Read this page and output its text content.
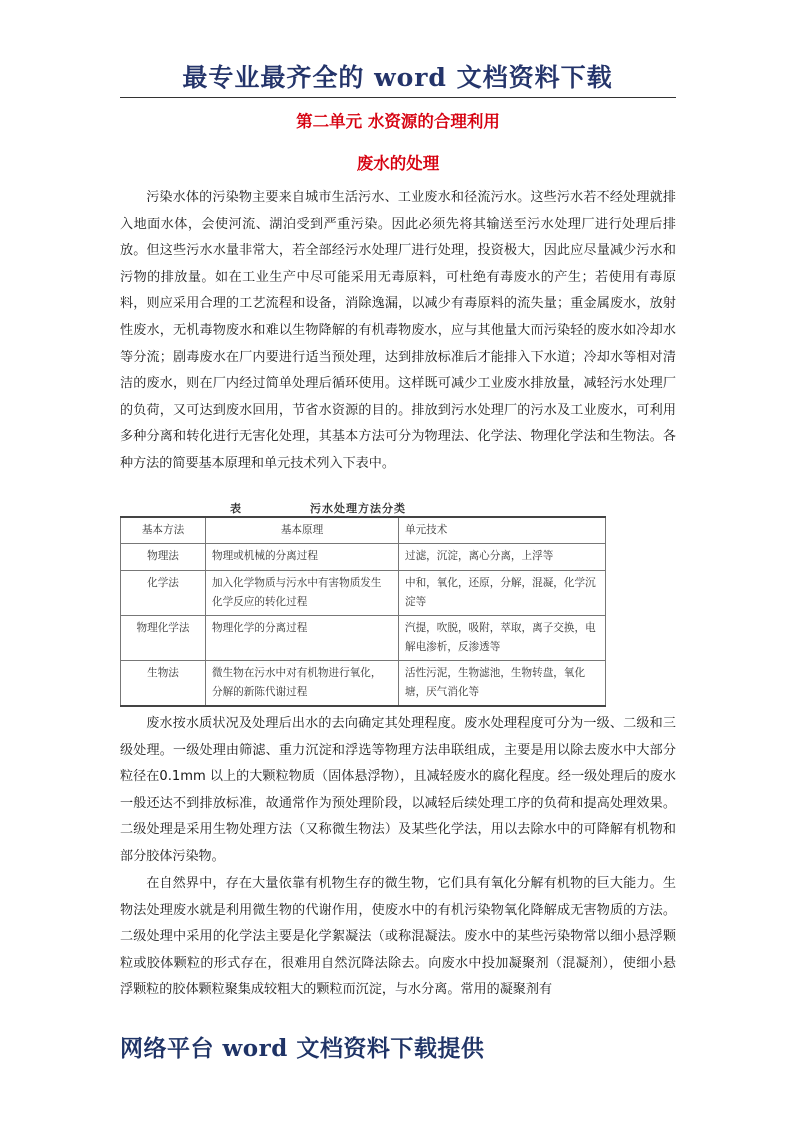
最专业最齐全的 word 文档资料下载
第二单元 水资源的合理利用
废水的处理

污染水体的污染物主要来自城市生活污水、工业废水和径流污水。这些污水若不经处理就排入地面水体，会使河流、湖泊受到严重污染。因此必须先将其输送至污水处理厂进行处理后排放。但这些污水水量非常大，若全部经污水处理厂进行处理，投资极大，因此应尽量减少污水和污物的排放量。如在工业生产中尽可能采用无毒原料，可杜绝有毒废水的产生；若使用有毒原料，则应采用合理的工艺流程和设备，消除逸漏，以减少有毒原料的流失量；重金属废水，放射性废水，无机毒物废水和难以生物降解的有机毒物废水，应与其他量大而污染轻的废水如冷却水等分流；剧毒废水在厂内要进行适当预处理，达到排放标准后才能排入下水道；冷却水等相对清洁的废水，则在厂内经过简单处理后循环使用。这样既可减少工业废水排放量，减轻污水处理厂的负荷，又可达到废水回用，节省水资源的目的。排放到污水处理厂的污水及工业废水，可利用多种分离和转化进行无害化处理，其基本方法可分为物理法、化学法、物理化学法和生物法。各种方法的简要基本原理和单元技术列入下表中。

表	污水处理方法分类
基本方法	基本原理	单元技术
物理法	物理或机械的分离过程	过滤，沉淀，离心分离，上浮等
化学法	加入化学物质与污水中有害物质发生化学反应的转化过程	中和，氧化，还原，分解，混凝，化学沉淀等
物理化学法	物理化学的分离过程	汽提，吹脱，吸附，萃取，离子交换，电解电渗析，反渗透等
生物法	微生物在污水中对有机物进行氧化，分解的新陈代谢过程	活性污泥，生物滤池，生物转盘，氧化塘，厌气消化等

废水按水质状况及处理后出水的去向确定其处理程度。废水处理程度可分为一级、二级和三级处理。一级处理由筛滤、重力沉淀和浮选等物理方法串联组成，主要是用以除去废水中大部分粒径在0.1mm 以上的大颗粒物质（固体悬浮物），且减轻废水的腐化程度。经一级处理后的废水一般还达不到排放标准，故通常作为预处理阶段，以减轻后续处理工序的负荷和提高处理效果。二级处理是采用生物处理方法（又称微生物法）及某些化学法，用以去除水中的可降解有机物和部分胶体污染物。

在自然界中，存在大量依靠有机物生存的微生物，它们具有氧化分解有机物的巨大能力。生物法处理废水就是利用微生物的代谢作用，使废水中的有机污染物氧化降解成无害物质的方法。二级处理中采用的化学法主要是化学絮凝法（或称混凝法。废水中的某些污染物常以细小悬浮颗粒或胶体颗粒的形式存在，很难用自然沉降法除去。向废水中投加凝聚剂（混凝剂），使细小悬浮颗粒的胶体颗粒聚集成较粗大的颗粒而沉淀，与水分离。常用的凝聚剂有

网络平台 word 文档资料下载提供
